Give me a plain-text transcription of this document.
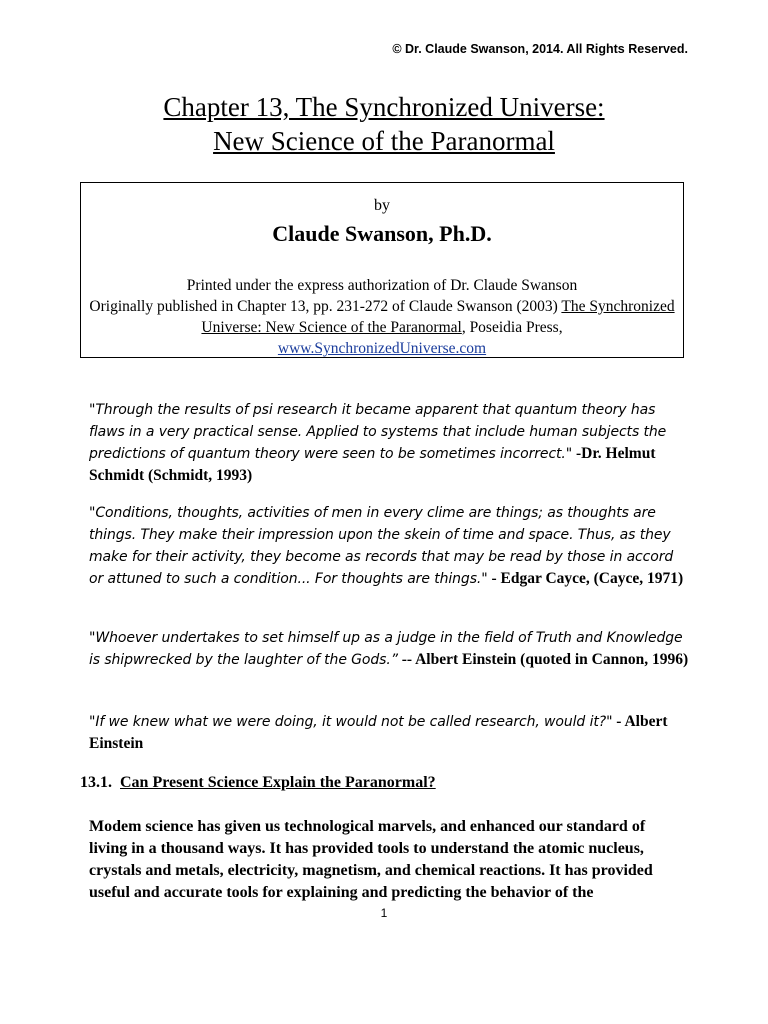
© Dr. Claude Swanson, 2014. All Rights Reserved.
Chapter 13, The Synchronized Universe:
New Science of the Paranormal
by
Claude Swanson, Ph.D.
Printed under the express authorization of Dr. Claude Swanson
Originally published in Chapter 13, pp. 231-272 of Claude Swanson (2003) The Synchronized Universe: New Science of the Paranormal, Poseidia Press,
www.SynchronizedUniverse.com
"Through the results of psi research it became apparent that quantum theory has flaws in a very practical sense. Applied to systems that include human subjects the predictions of quantum theory were seen to be sometimes incorrect." -Dr. Helmut Schmidt (Schmidt, 1993)
"Conditions, thoughts, activities of men in every clime are things; as thoughts are things. They make their impression upon the skein of time and space. Thus, as they make for their activity, they become as records that may be read by those in accord or attuned to such a condition... For thoughts are things." - Edgar Cayce, (Cayce, 1971)
"Whoever undertakes to set himself up as a judge in the field of Truth and Knowledge is shipwrecked by the laughter of the Gods.” -- Albert Einstein (quoted in Cannon, 1996)
"If we knew what we were doing, it would not be called research, would it?" - Albert Einstein
13.1. Can Present Science Explain the Paranormal?
Modem science has given us technological marvels, and enhanced our standard of living in a thousand ways. It has provided tools to understand the atomic nucleus, crystals and metals, electricity, magnetism, and chemical reactions. It has provided useful and accurate tools for explaining and predicting the behavior of the
1
